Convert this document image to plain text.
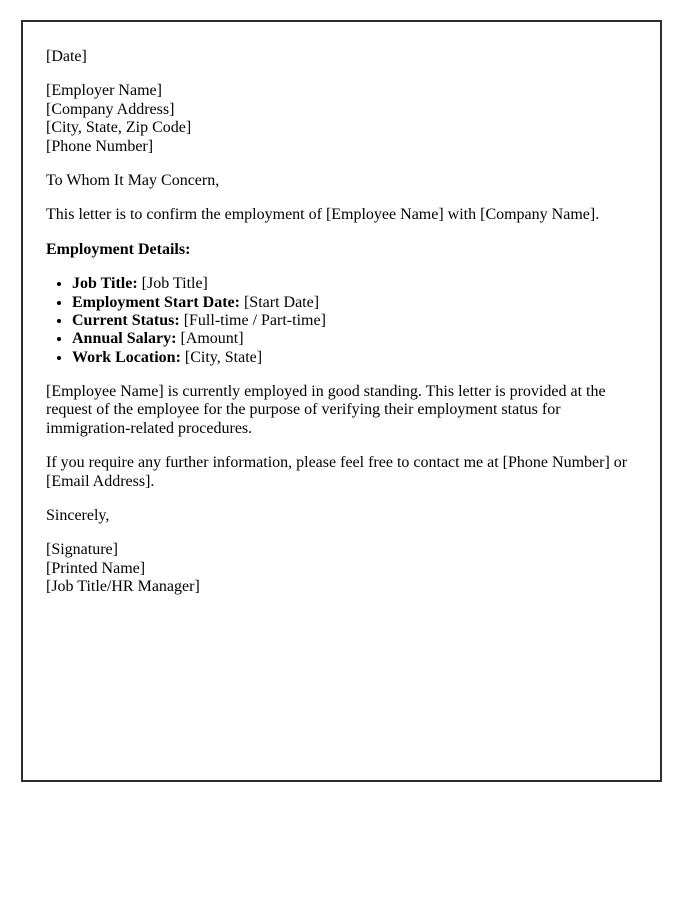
[Date]

[Employer Name]
[Company Address]
[City, State, Zip Code]
[Phone Number]

To Whom It May Concern,

This letter is to confirm the employment of [Employee Name] with [Company Name].

Employment Details:

• Job Title: [Job Title]
• Employment Start Date: [Start Date]
• Current Status: [Full-time / Part-time]
• Annual Salary: [Amount]
• Work Location: [City, State]

[Employee Name] is currently employed in good standing. This letter is provided at the request of the employee for the purpose of verifying their employment status for immigration-related procedures.

If you require any further information, please feel free to contact me at [Phone Number] or [Email Address].

Sincerely,

[Signature]
[Printed Name]
[Job Title/HR Manager]
